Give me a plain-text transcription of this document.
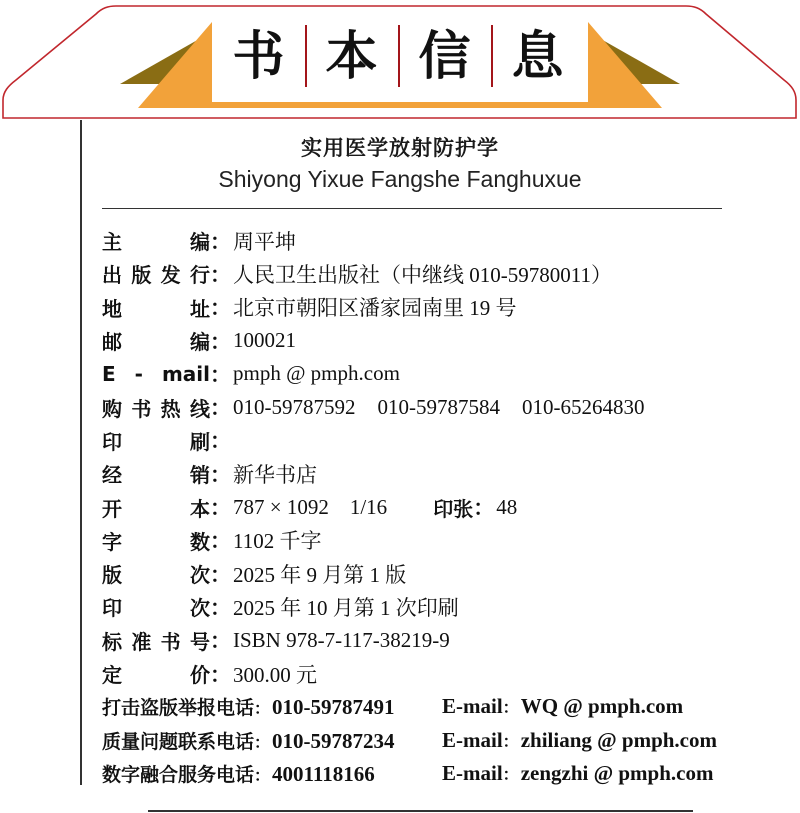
书 本 信 息
实用医学放射防护学
Shiyong Yixue Fangshe Fanghuxue
主	编 ： 周平坤
出 版 发 行 ： 人民卫生出版社（中继线 010-59780011）
地	址 ： 北京市朝阳区潘家园南里 19 号
邮	编 ： 100021
E - mail ： pmph @ pmph.com
购 书 热 线 ： 010-59787592 010-59787584 010-65264830
印	刷 ：
经	销 ： 新华书店
开	本 ： 787 × 1092    1/16 印张 ： 48
字	数 ： 1102 千字
版	次 ： 2025 年 9 月第 1 版
印	次 ： 2025 年 10 月第 1 次印刷
标 准 书 号 ： ISBN 978-7-117-38219-9
定	价 ： 300.00 元
打击盗版举报电话：010-59787491	E-mail ： WQ @ pmph.com
质量问题联系电话：010-59787234	E-mail ： zhiliang @ pmph.com
数字融合服务电话：4001118166	E-mail ： zengzhi @ pmph.com
